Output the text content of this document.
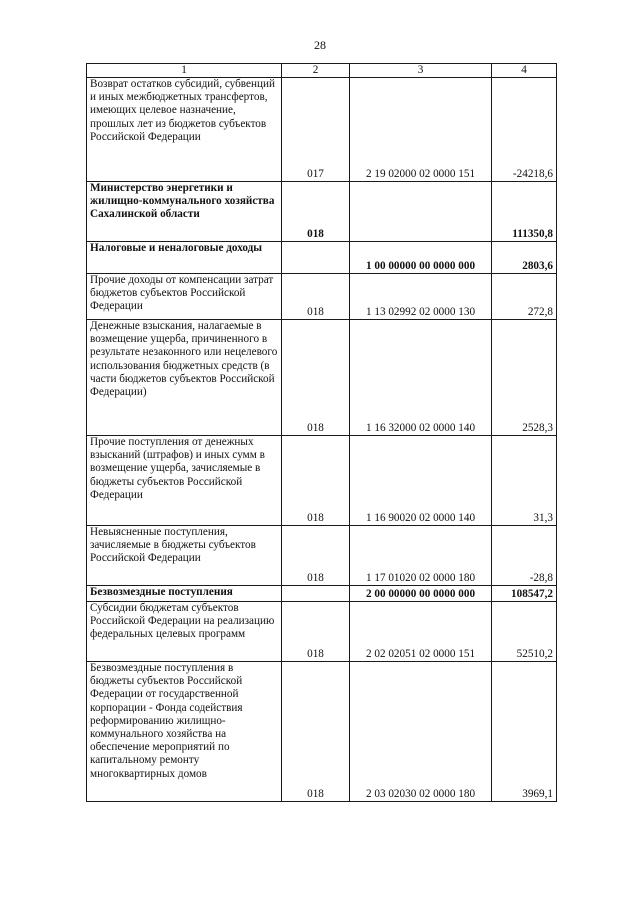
28
1	2	3	4
Возврат остатков субсидий, субвенций и иных межбюджетных трансфертов, имеющих целевое назначение, прошлых лет из бюджетов субъектов Российской Федерации	017	2 19 02000 02 0000 151	-24218,6
Министерство энергетики и жилищно-коммунального хозяйства Сахалинской области	018		111350,8
Налоговые и неналоговые доходы		1 00 00000 00 0000 000	2803,6
Прочие доходы от компенсации затрат бюджетов субъектов Российской Федерации	018	1 13 02992 02 0000 130	272,8
Денежные взыскания, налагаемые в возмещение ущерба, причиненного в результате незаконного или нецелевого использования бюджетных средств (в части бюджетов субъектов Российской Федерации)	018	1 16 32000 02 0000 140	2528,3
Прочие поступления от денежных взысканий (штрафов) и иных сумм в возмещение ущерба, зачисляемые в бюджеты субъектов Российской Федерации	018	1 16 90020 02 0000 140	31,3
Невыясненные поступления, зачисляемые в бюджеты субъектов Российской Федерации	018	1 17 01020 02 0000 180	-28,8
Безвозмездные поступления		2 00 00000 00 0000 000	108547,2
Субсидии бюджетам субъектов Российской Федерации на реализацию федеральных целевых программ	018	2 02 02051 02 0000 151	52510,2
Безвозмездные поступления в бюджеты субъектов Российской Федерации от государственной корпорации - Фонда содействия реформированию жилищно-коммунального хозяйства на обеспечение мероприятий по капитальному ремонту многоквартирных домов	018	2 03 02030 02 0000 180	3969,1
